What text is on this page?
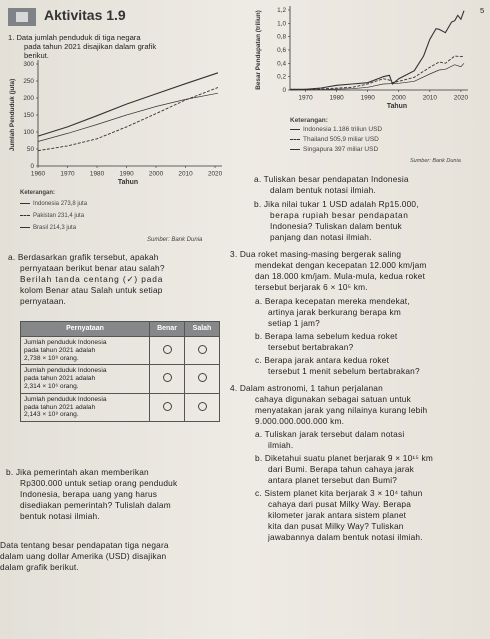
Aktivitas 1.9	5
1. Data jumlah penduduk di tiga negara
pada tahun 2021 disajikan dalam grafik
berikut.
0
50
100
150
200
250
300
1960 1970 1980 1990 2000 2010 2020
Tahun
Jumlah Penduduk (juta)
Keterangan:
Indonesia 273,8 juta
Pakistan 231,4 juta
Brasil 214,3 juta
Sumber: Bank Dunia
a. Berdasarkan grafik tersebut, apakah
pernyataan berikut benar atau salah?
Berilah tanda centang (✓) pada
kolom Benar atau Salah untuk setiap
pernyataan.
Pernyataan	Benar	Salah

Jumlah penduduk Indonesia
pada tahun 2021 adalah
2,738 × 10⁸ orang.		

Jumlah penduduk Indonesia
pada tahun 2021 adalah
2,314 × 10⁶ orang.		

Jumlah penduduk Indonesia
pada tahun 2021 adalah
2,143 × 10⁸ orang.		

b. Jika pemerintah akan memberikan
Rp300.000 untuk setiap orang penduduk
Indonesia, berapa uang yang harus
disediakan pemerintah? Tulislah dalam
bentuk notasi ilmiah.
Data tentang besar pendapatan tiga negara
dalam uang dollar Amerika (USD) disajikan
dalam grafik berikut.
0
0,2
0,4
0,6
0,8
1,0
1,2
1970	1980	1990	2000	2010	2020
Tahun
Besar Pendapatan (triliun)
Keterangan:
Indonesia 1.186 triliun USD
Thailand 505,9 miliar USD
Singapura 397 miliar USD
Sumber: Bank Dunia
a. Tuliskan besar pendapatan Indonesia
dalam bentuk notasi ilmiah.
b. Jika nilai tukar 1 USD adalah Rp15.000,
berapa rupiah besar pendapatan
Indonesia? Tuliskan dalam bentuk
panjang dan notasi ilmiah.
3. Dua roket masing-masing bergerak saling
mendekat dengan kecepatan 12.000 km/jam
dan 18.000 km/jam. Mula-mula, kedua roket
tersebut berjarak 6 × 10⁵ km.
a. Berapa kecepatan mereka mendekat,
artinya jarak berkurang berapa km
setiap 1 jam?
b. Berapa lama sebelum kedua roket
tersebut bertabrakan?
c. Berapa jarak antara kedua roket
tersebut 1 menit sebelum bertabrakan?
4. Dalam astronomi, 1 tahun perjalanan
cahaya digunakan sebagai satuan untuk
menyatakan jarak yang nilainya kurang lebih
9.000.000.000.000 km.
a. Tuliskan jarak tersebut dalam notasi
ilmiah.
b. Diketahui suatu planet berjarak 9 × 10¹⁵ km
dari Bumi. Berapa tahun cahaya jarak
antara planet tersebut dan Bumi?
c. Sistem planet kita berjarak 3 × 10⁴ tahun
cahaya dari pusat Milky Way. Berapa
kilometer jarak antara sistem planet
kita dan pusat Milky Way? Tuliskan
jawabannya dalam bentuk notasi ilmiah.
